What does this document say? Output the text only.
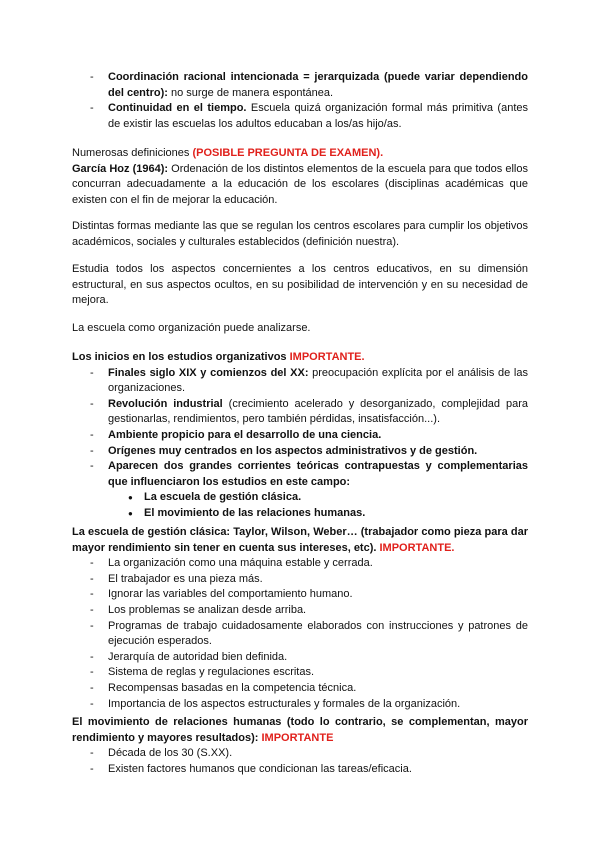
- Coordinación racional intencionada = jerarquizada (puede variar dependiendo del centro): no surge de manera espontánea.
- Continuidad en el tiempo. Escuela quizá organización formal más primitiva (antes de existir las escuelas los adultos educaban a los/as hijo/as.
Numerosas definiciones (POSIBLE PREGUNTA DE EXAMEN).
García Hoz (1964): Ordenación de los distintos elementos de la escuela para que todos ellos concurran adecuadamente a la educación de los escolares (disciplinas académicas que existen con el fin de mejorar la educación.
Distintas formas mediante las que se regulan los centros escolares para cumplir los objetivos académicos, sociales y culturales establecidos (definición nuestra).
Estudia todos los aspectos concernientes a los centros educativos, en su dimensión estructural, en sus aspectos ocultos, en su posibilidad de intervención y en su necesidad de mejora.
La escuela como organización puede analizarse.
Los inicios en los estudios organizativos IMPORTANTE.
- Finales siglo XIX y comienzos del XX: preocupación explícita por el análisis de las organizaciones.
- Revolución industrial (crecimiento acelerado y desorganizado, complejidad para gestionarlas, rendimientos, pero también pérdidas, insatisfacción...).
- Ambiente propicio para el desarrollo de una ciencia.
- Orígenes muy centrados en los aspectos administrativos y de gestión.
- Aparecen dos grandes corrientes teóricas contrapuestas y complementarias que influenciaron los estudios en este campo:
● La escuela de gestión clásica.
● El movimiento de las relaciones humanas.
La escuela de gestión clásica: Taylor, Wilson, Weber… (trabajador como pieza para dar mayor rendimiento sin tener en cuenta sus intereses, etc). IMPORTANTE.
- La organización como una máquina estable y cerrada.
- El trabajador es una pieza más.
- Ignorar las variables del comportamiento humano.
- Los problemas se analizan desde arriba.
- Programas de trabajo cuidadosamente elaborados con instrucciones y patrones de ejecución esperados.
- Jerarquía de autoridad bien definida.
- Sistema de reglas y regulaciones escritas.
- Recompensas basadas en la competencia técnica.
- Importancia de los aspectos estructurales y formales de la organización.
El movimiento de relaciones humanas (todo lo contrario, se complementan, mayor rendimiento y mayores resultados): IMPORTANTE
- Década de los 30 (S.XX).
- Existen factores humanos que condicionan las tareas/eficacia.
